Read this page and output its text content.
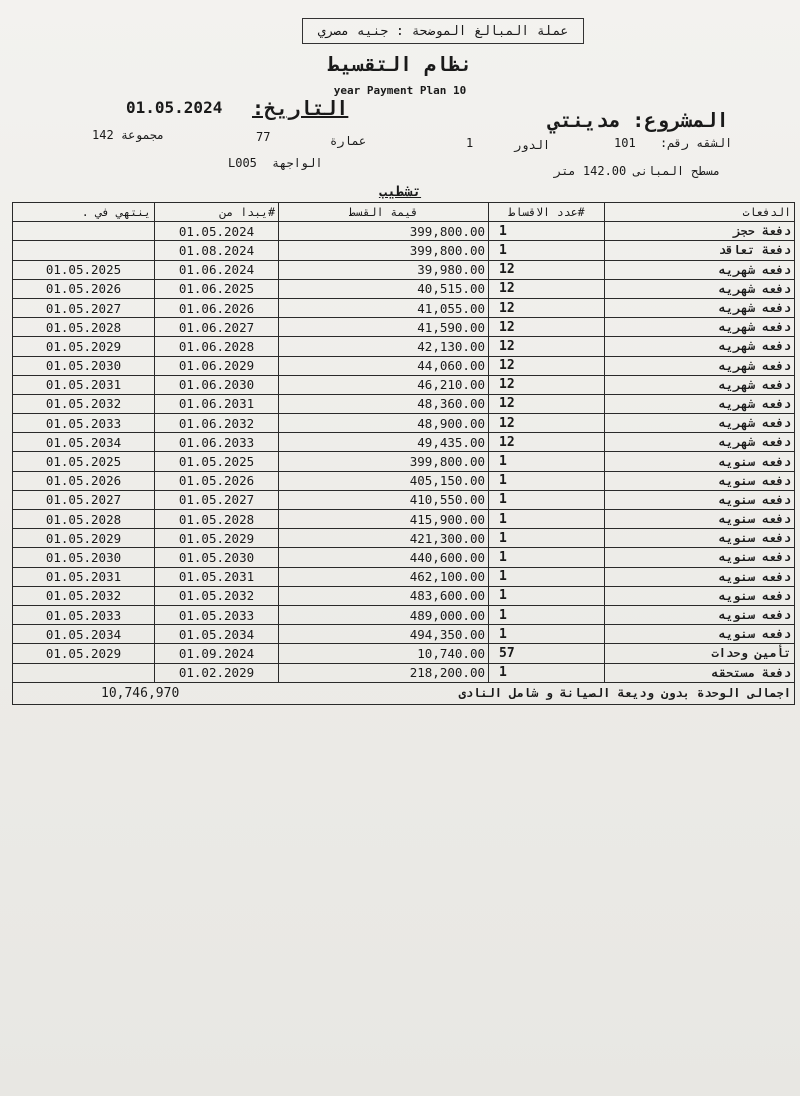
عملة المبالغ الموضحة : جنيه مصري
نظام التقسيط
year Payment Plan 10
01.05.2024 التاريخ:	المشروع: مدينتي
الشقه رقم:
101
الدور
1
عمارة
77
مجموعة 142
الواجهة
L005
مسطح المبانى 142.00 متر
تشطيب
ينتهي في .	#يبدا من	قيمة القسط	#عدد الاقساط	الدفعات
	01.05.2024	399,800.00	1	دفعة حجز
	01.08.2024	399,800.00	1	دفعة تعاقد
01.05.2025	01.06.2024	39,980.00	12	دفعه شهريه
01.05.2026	01.06.2025	40,515.00	12	دفعه شهريه
01.05.2027	01.06.2026	41,055.00	12	دفعه شهريه
01.05.2028	01.06.2027	41,590.00	12	دفعه شهريه
01.05.2029	01.06.2028	42,130.00	12	دفعه شهريه
01.05.2030	01.06.2029	44,060.00	12	دفعه شهريه
01.05.2031	01.06.2030	46,210.00	12	دفعه شهريه
01.05.2032	01.06.2031	48,360.00	12	دفعه شهريه
01.05.2033	01.06.2032	48,900.00	12	دفعه شهريه
01.05.2034	01.06.2033	49,435.00	12	دفعه شهريه
01.05.2025	01.05.2025	399,800.00	1	دفعه سنويه
01.05.2026	01.05.2026	405,150.00	1	دفعه سنويه
01.05.2027	01.05.2027	410,550.00	1	دفعه سنويه
01.05.2028	01.05.2028	415,900.00	1	دفعه سنويه
01.05.2029	01.05.2029	421,300.00	1	دفعه سنويه
01.05.2030	01.05.2030	440,600.00	1	دفعه سنويه
01.05.2031	01.05.2031	462,100.00	1	دفعه سنويه
01.05.2032	01.05.2032	483,600.00	1	دفعه سنويه
01.05.2033	01.05.2033	489,000.00	1	دفعه سنويه
01.05.2034	01.05.2034	494,350.00	1	دفعه سنويه
01.05.2029	01.09.2024	10,740.00	57	تأمين وحدات
	01.02.2029	218,200.00	1	دفعة مستحقه
10,746,970		اجمالى الوحدة بدون وديعة الصيانة و شامل النادى		
